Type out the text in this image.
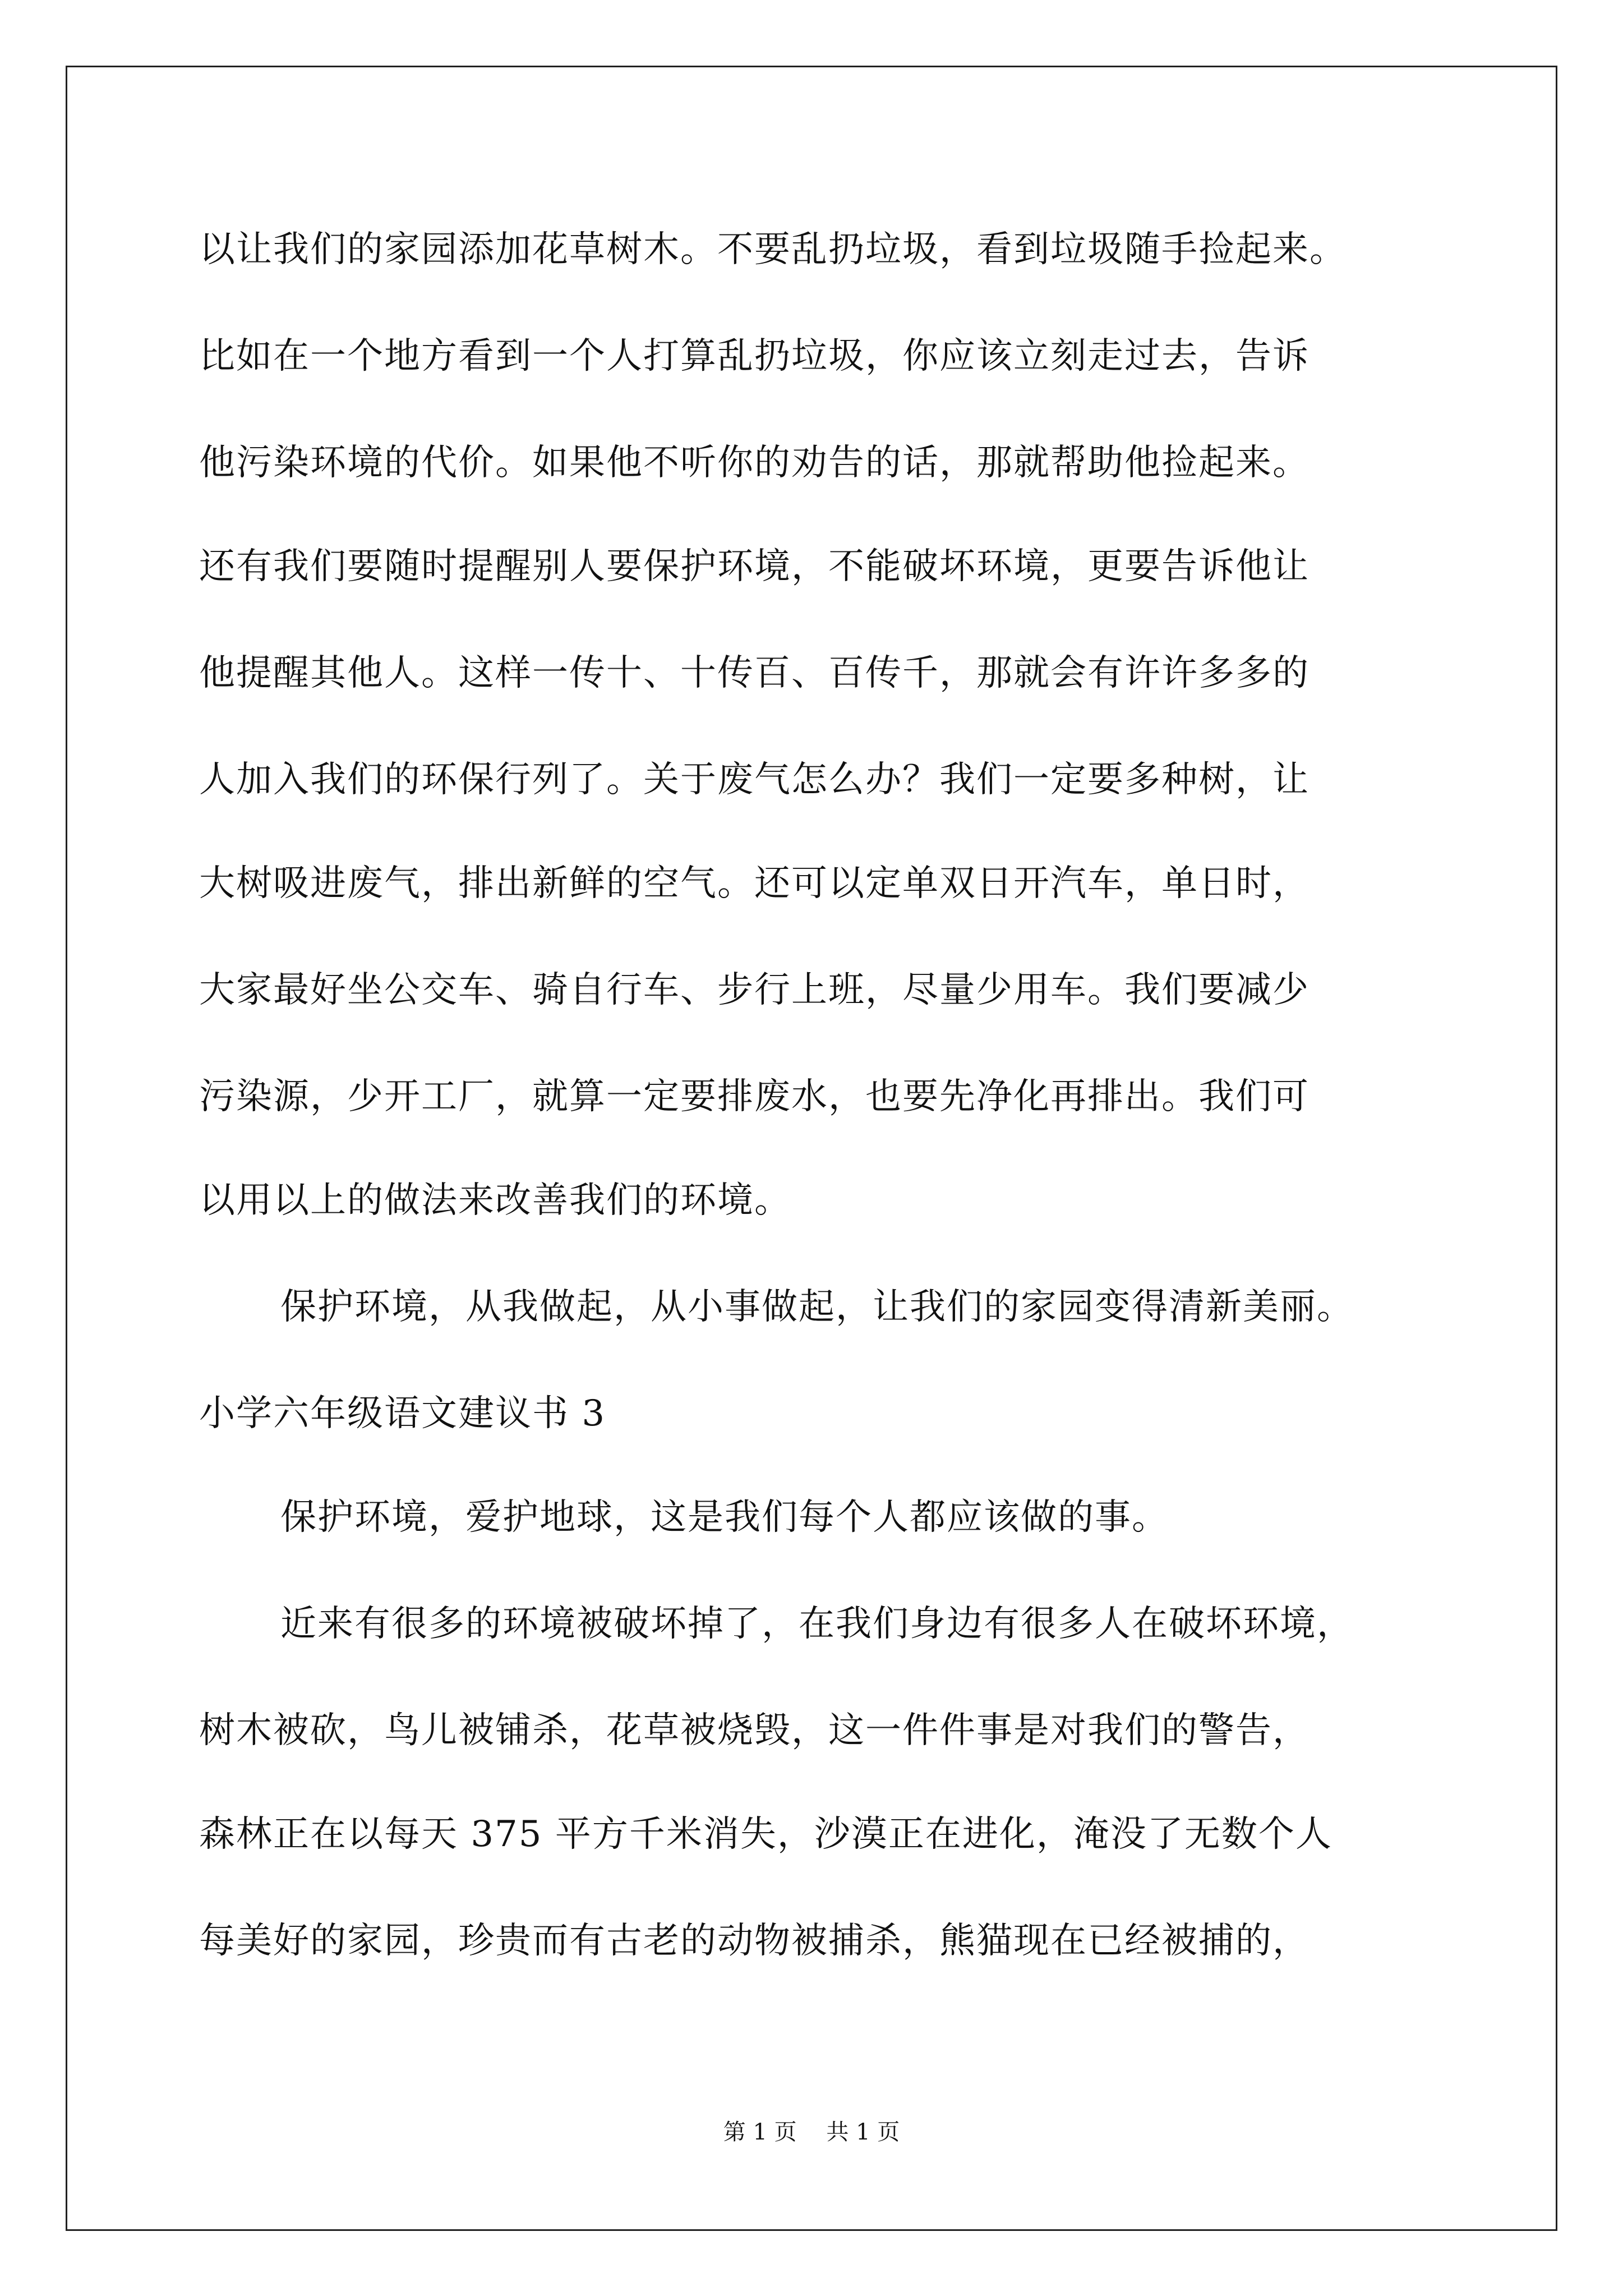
以让我们的家园添加花草树木。不要乱扔垃圾，看到垃圾随手捡起来。
比如在一个地方看到一个人打算乱扔垃圾，你应该立刻走过去，告诉
他污染环境的代价。如果他不听你的劝告的话，那就帮助他捡起来。
还有我们要随时提醒别人要保护环境，不能破坏环境，更要告诉他让
他提醒其他人。这样一传十、十传百、百传千，那就会有许许多多的
人加入我们的环保行列了。关于废气怎么办？我们一定要多种树，让
大树吸进废气，排出新鲜的空气。还可以定单双日开汽车，单日时，
大家最好坐公交车、骑自行车、步行上班，尽量少用车。我们要减少
污染源，少开工厂，就算一定要排废水，也要先净化再排出。我们可
以用以上的做法来改善我们的环境。
保护环境，从我做起，从小事做起，让我们的家园变得清新美丽。
小学六年级语文建议书 3
保护环境，爱护地球，这是我们每个人都应该做的事。
近来有很多的环境被破坏掉了，在我们身边有很多人在破坏环境，
树木被砍，鸟儿被铺杀，花草被烧毁，这一件件事是对我们的警告，
森林正在以每天 375 平方千米消失，沙漠正在进化，淹没了无数个人
每美好的家园，珍贵而有古老的动物被捕杀，熊猫现在已经被捕的，
第 1 页 共 1 页
